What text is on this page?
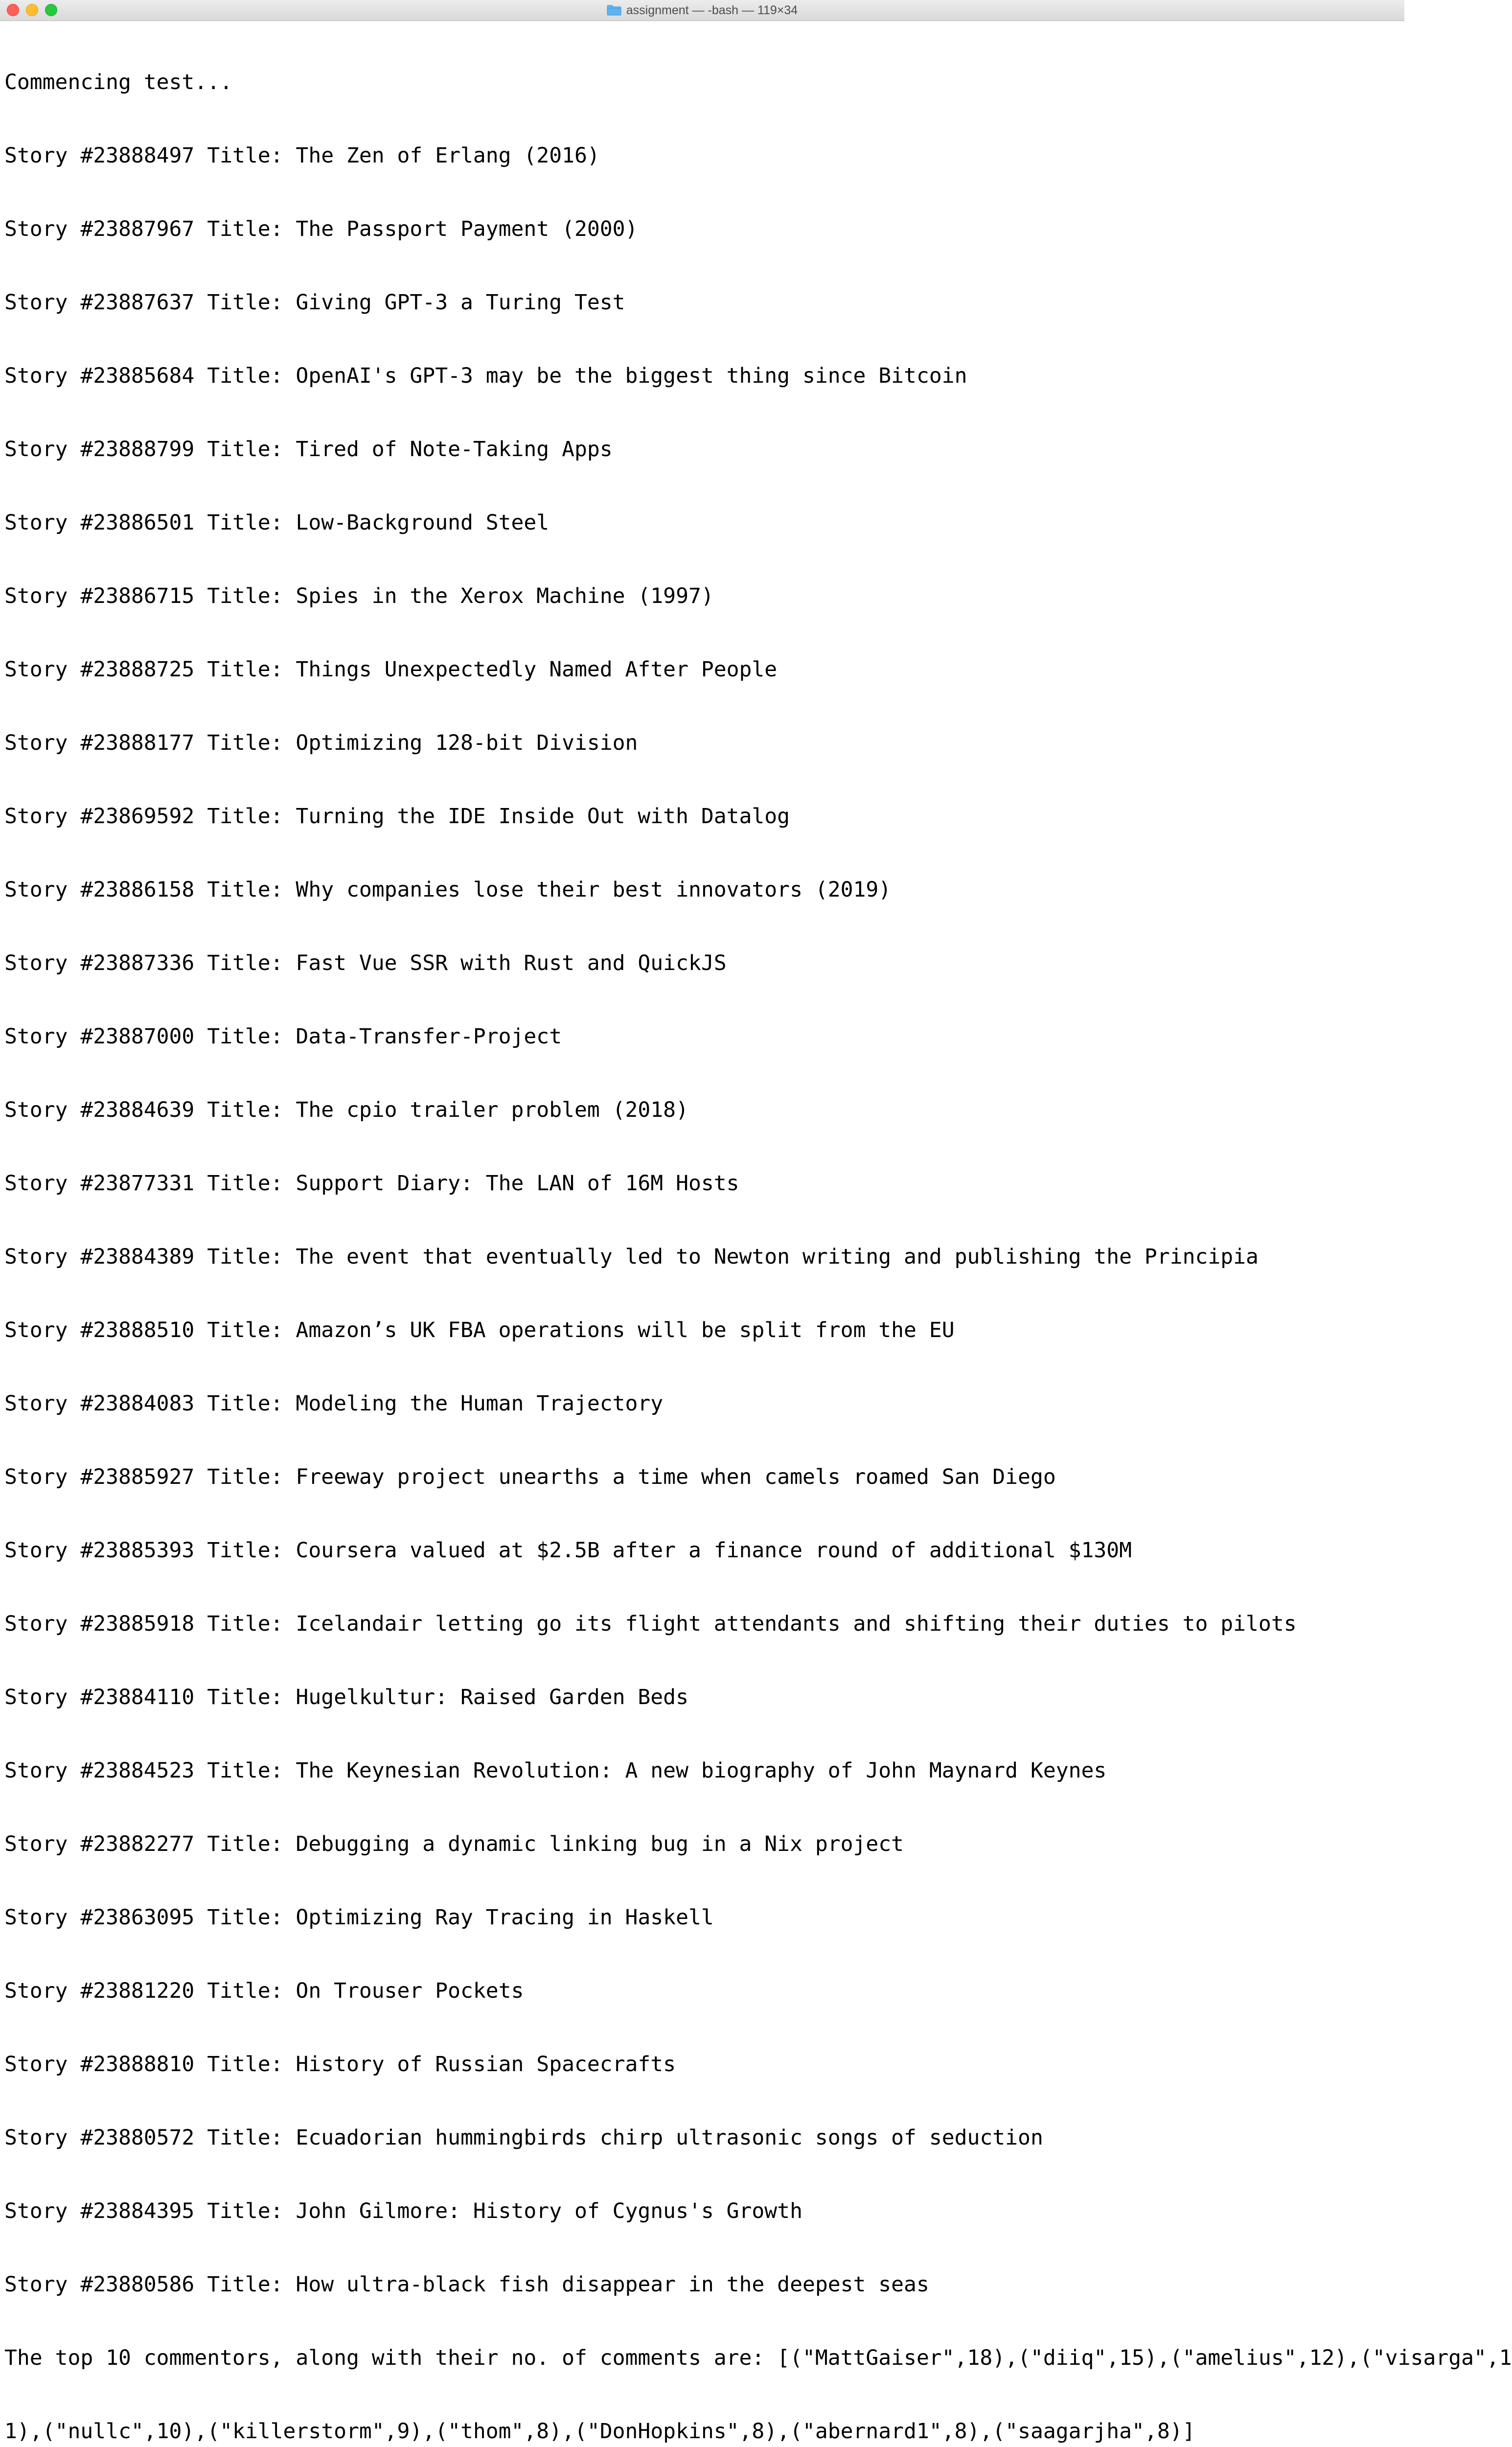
assignment — -bash — 119×34

Commencing test...

Story #23888497 Title: The Zen of Erlang (2016)

Story #23887967 Title: The Passport Payment (2000)

Story #23887637 Title: Giving GPT-3 a Turing Test

Story #23885684 Title: OpenAI's GPT-3 may be the biggest thing since Bitcoin

Story #23888799 Title: Tired of Note-Taking Apps

Story #23886501 Title: Low-Background Steel

Story #23886715 Title: Spies in the Xerox Machine (1997)

Story #23888725 Title: Things Unexpectedly Named After People

Story #23888177 Title: Optimizing 128-bit Division

Story #23869592 Title: Turning the IDE Inside Out with Datalog

Story #23886158 Title: Why companies lose their best innovators (2019)

Story #23887336 Title: Fast Vue SSR with Rust and QuickJS

Story #23887000 Title: Data-Transfer-Project

Story #23884639 Title: The cpio trailer problem (2018)

Story #23877331 Title: Support Diary: The LAN of 16M Hosts

Story #23884389 Title: The event that eventually led to Newton writing and publishing the Principia

Story #23888510 Title: Amazon’s UK FBA operations will be split from the EU

Story #23884083 Title: Modeling the Human Trajectory

Story #23885927 Title: Freeway project unearths a time when camels roamed San Diego

Story #23885393 Title: Coursera valued at $2.5B after a finance round of additional $130M

Story #23885918 Title: Icelandair letting go its flight attendants and shifting their duties to pilots

Story #23884110 Title: Hugelkultur: Raised Garden Beds

Story #23884523 Title: The Keynesian Revolution: A new biography of John Maynard Keynes

Story #23882277 Title: Debugging a dynamic linking bug in a Nix project

Story #23863095 Title: Optimizing Ray Tracing in Haskell

Story #23881220 Title: On Trouser Pockets

Story #23888810 Title: History of Russian Spacecrafts

Story #23880572 Title: Ecuadorian hummingbirds chirp ultrasonic songs of seduction

Story #23884395 Title: John Gilmore: History of Cygnus's Growth

Story #23880586 Title: How ultra-black fish disappear in the deepest seas

The top 10 commentors, along with their no. of comments are: [("MattGaiser",18),("diiq",15),("amelius",12),("visarga",1

1),("nullc",10),("killerstorm",9),("thom",8),("DonHopkins",8),("abernard1",8),("saagarjha",8)]
